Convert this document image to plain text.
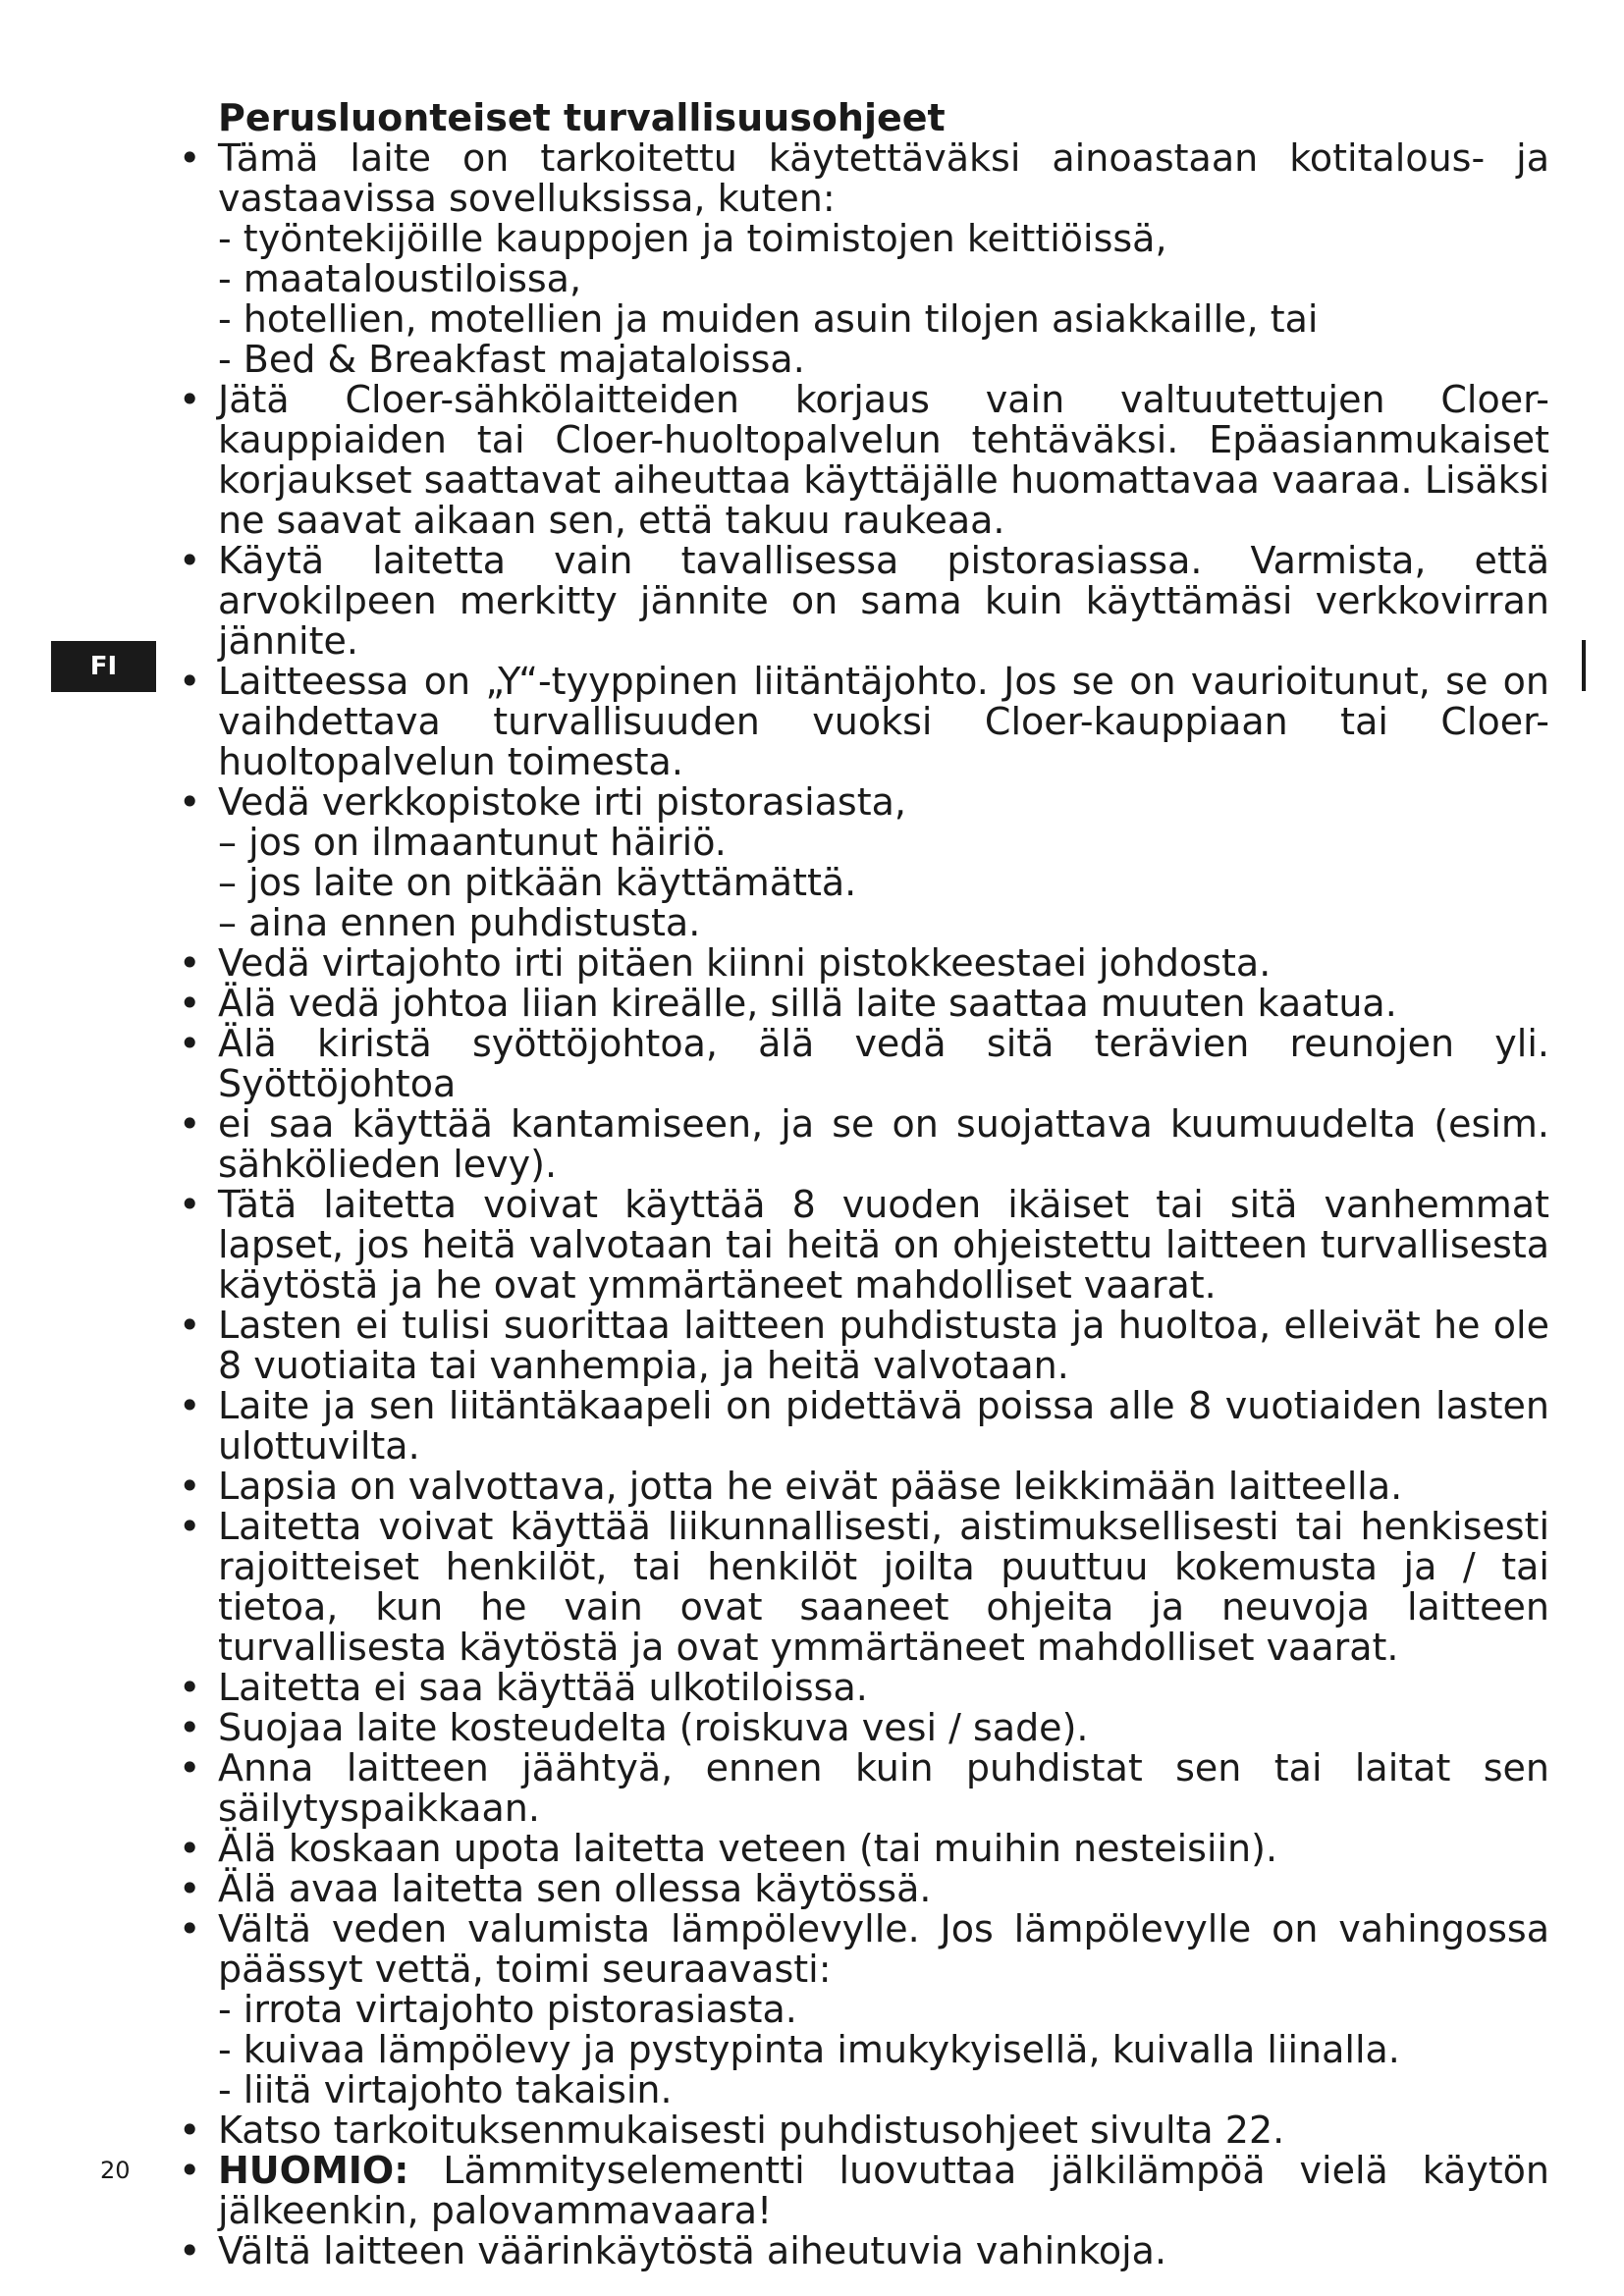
FI
Perusluonteiset turvallisuusohjeet
• Tämä laite on tarkoitettu käytettäväksi ainoastaan kotitalous- ja vastaavissa sovelluksissa, kuten:

- työntekijöille kauppojen ja toimistojen keittiöissä,
- maataloustiloissa,
- hotellien, motellien ja muiden asuin tilojen asiakkaille, tai
- Bed & Breakfast majataloissa.
• Jätä Cloer-sähkölaitteiden korjaus vain valtuutettujen Cloer-kauppiaiden tai Cloer-huoltopalvelun tehtäväksi. Epäasianmukaiset korjaukset saattavat aiheuttaa käyttäjälle huomattavaa vaaraa. Lisäksi ne saavat aikaan sen, että takuu raukeaa.

• Käytä laitetta vain tavallisessa pistorasiassa. Varmista, että arvokilpeen merkitty jännite on sama kuin käyttämäsi verkkovirran jännite.

• Laitteessa on „Y“-tyyppinen liitäntäjohto. Jos se on vaurioitunut, se on vaihdettava turvallisuuden vuoksi Cloer-kauppiaan tai Cloer-huoltopalvelun toimesta.

• Vedä verkkopistoke irti pistorasiasta,

– jos on ilmaantunut häiriö.
– jos laite on pitkään käyttämättä.
– aina ennen puhdistusta.
• Vedä virtajohto irti pitäen kiinni pistokkeestaei johdosta.

• Älä vedä johtoa liian kireälle, sillä laite saattaa muuten kaatua.

• Älä kiristä syöttöjohtoa, älä vedä sitä terävien reunojen yli. Syöttöjohtoa

• ei saa käyttää kantamiseen, ja se on suojattava kuumuudelta (esim. sähkölieden levy).

• Tätä laitetta voivat käyttää 8 vuoden ikäiset tai sitä vanhemmat lapset, jos heitä valvotaan tai heitä on ohjeistettu laitteen turvallisesta käytöstä ja he ovat ymmärtäneet mahdolliset vaarat.

• Lasten ei tulisi suorittaa laitteen puhdistusta ja huoltoa, elleivät he ole 8 vuotiaita tai vanhempia, ja heitä valvotaan.

• Laite ja sen liitäntäkaapeli on pidettävä poissa alle 8 vuotiaiden lasten ulottuvilta.

• Lapsia on valvottava, jotta he eivät pääse leikkimään laitteella.

• Laitetta voivat käyttää liikunnallisesti, aistimuksellisesti tai henkisesti rajoitteiset henkilöt, tai henkilöt joilta puuttuu kokemusta ja / tai tietoa, kun he vain ovat saaneet ohjeita ja neuvoja laitteen turvallisesta käytöstä ja ovat ymmärtäneet mahdolliset vaarat.

• Laitetta ei saa käyttää ulkotiloissa.

• Suojaa laite kosteudelta (roiskuva vesi / sade).

• Anna laitteen jäähtyä, ennen kuin puhdistat sen tai laitat sen säilytyspaikkaan.

• Älä koskaan upota laitetta veteen (tai muihin nesteisiin).

• Älä avaa laitetta sen ollessa käytössä.

• Vältä veden valumista lämpölevylle. Jos lämpölevylle on vahingossa päässyt vettä, toimi seuraavasti:

- irrota virtajohto pistorasiasta.
- kuivaa lämpölevy ja pystypinta imukykyisellä, kuivalla liinalla.
- liitä virtajohto takaisin.
• Katso tarkoituksenmukaisesti puhdistusohjeet sivulta 22.

• HUOMIO: Lämmityselementti luovuttaa jälkilämpöä vielä käytön jälkeenkin, palovammavaara!

• Vältä laitteen väärinkäytöstä aiheutuvia vahinkoja.

20
